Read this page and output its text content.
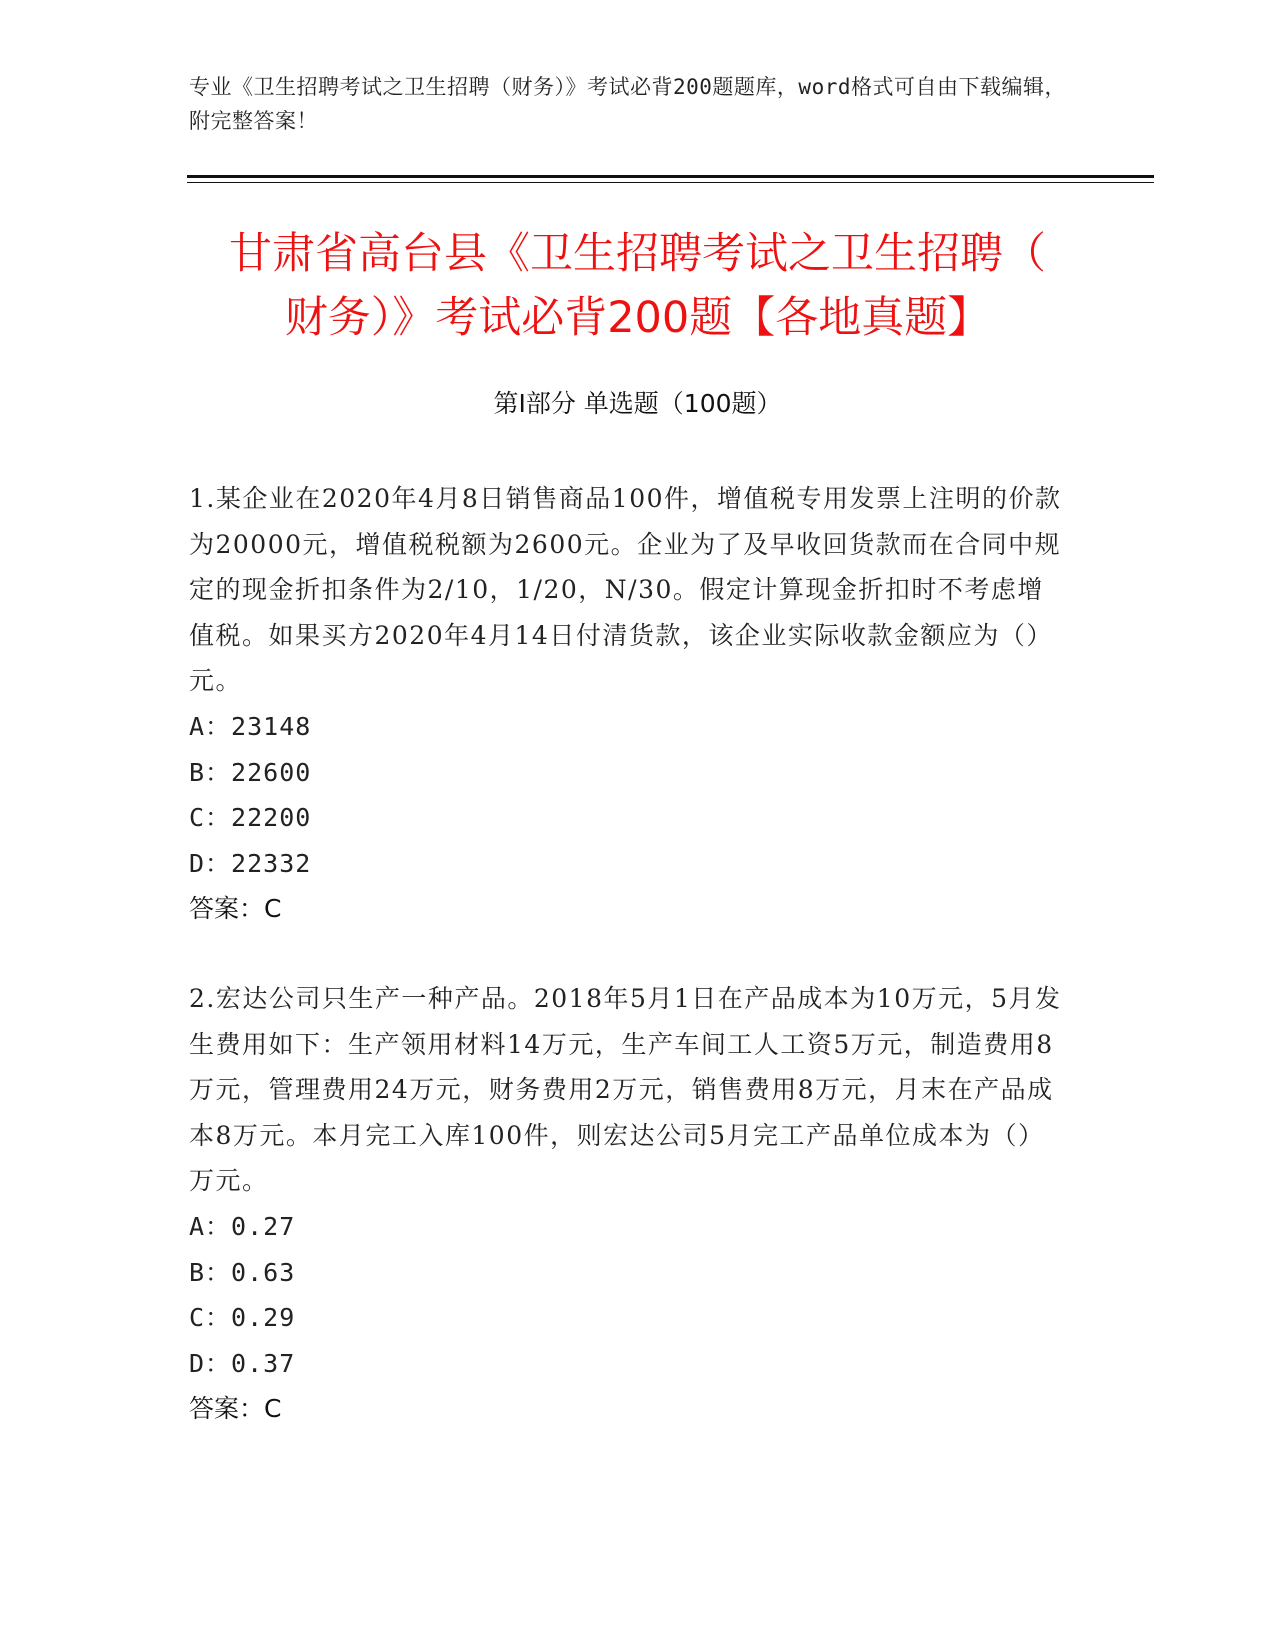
专业《卫生招聘考试之卫生招聘（财务）》考试必背200题题库，word格式可自由下载编辑，附完整答案！
甘肃省高台县《卫生招聘考试之卫生招聘（
财务）》考试必背200题【各地真题】
第Ⅰ部分 单选题（100题）

1.某企业在2020年4月8日销售商品100件，增值税专用发票上注明的价款为20000元，增值税税额为2600元。企业为了及早收回货款而在合同中规定的现金折扣条件为2/10，1/20，N/30。假定计算现金折扣时不考虑增值税。如果买方2020年4月14日付清货款，该企业实际收款金额应为（）元。

A：23148

B：22600

C：22200

D：22332

答案：C

2.宏达公司只生产一种产品。2018年5月1日在产品成本为10万元，5月发生费用如下：生产领用材料14万元，生产车间工人工资5万元，制造费用8万元，管理费用24万元，财务费用2万元，销售费用8万元，月末在产品成本8万元。本月完工入库100件，则宏达公司5月完工产品单位成本为（）万元。

A：0.27

B：0.63

C：0.29

D：0.37

答案：C
